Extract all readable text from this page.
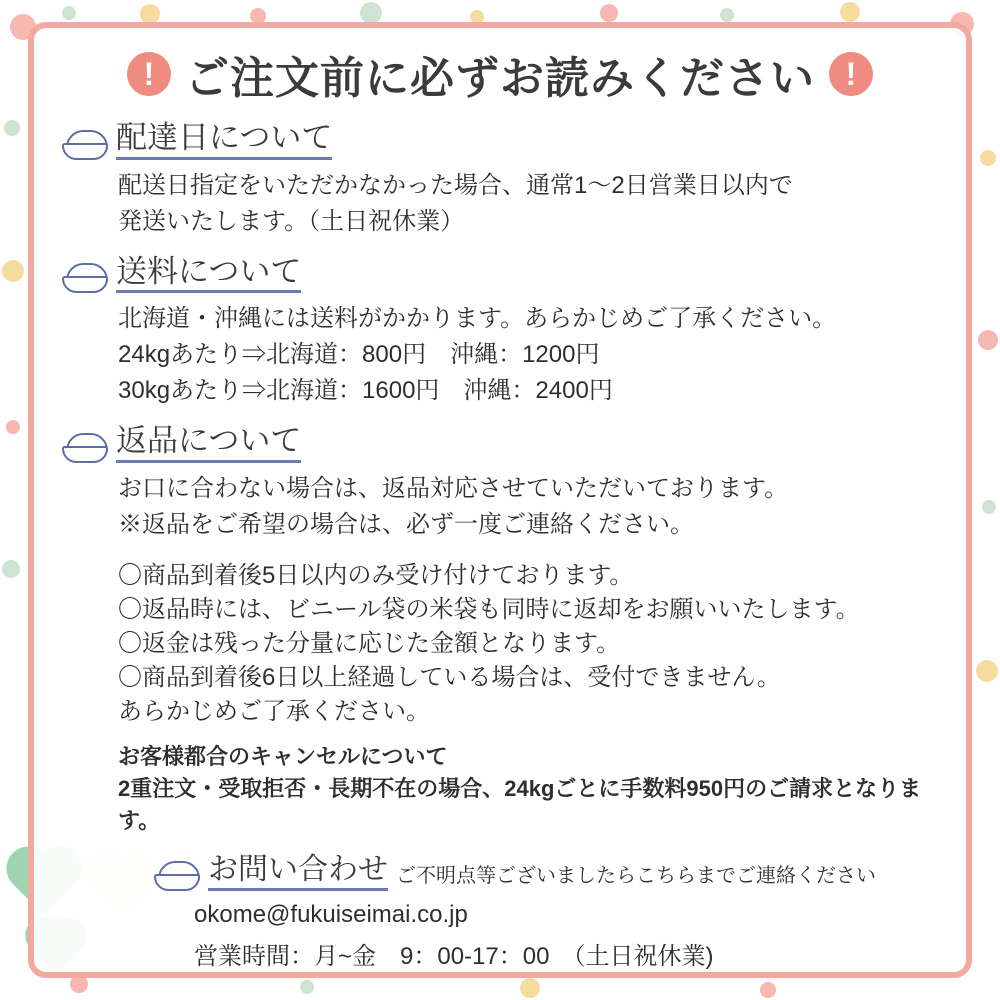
! ご注文前に必ずお読みください !
配達日について

配送日指定をいただかなかった場合、通常1〜2日営業日以内で

発送いたします。（土日祝休業）

送料について

北海道・沖縄には送料がかかります。あらかじめご了承ください。

24kgあたり⇒北海道：800円　沖縄：1200円

30kgあたり⇒北海道：1600円　沖縄：2400円

返品について

お口に合わない場合は、返品対応させていただいております。

※返品をご希望の場合は、必ず一度ご連絡ください。

〇商品到着後5日以内のみ受け付けております。

〇返品時には、ビニール袋の米袋も同時に返却をお願いいたします。

〇返金は残った分量に応じた金額となります。

〇商品到着後6日以上経過している場合は、受付できません。

あらかじめご了承ください。

お客様都合のキャンセルについて
2重注文・受取拒否・長期不在の場合、24kgごとに手数料950円のご請求となります。
お問い合わせ ご不明点等ございましたらこちらまでご連絡ください
okome@fukuiseimai.co.jp
営業時間：月~金　9：00-17：00　（土日祝休業)
